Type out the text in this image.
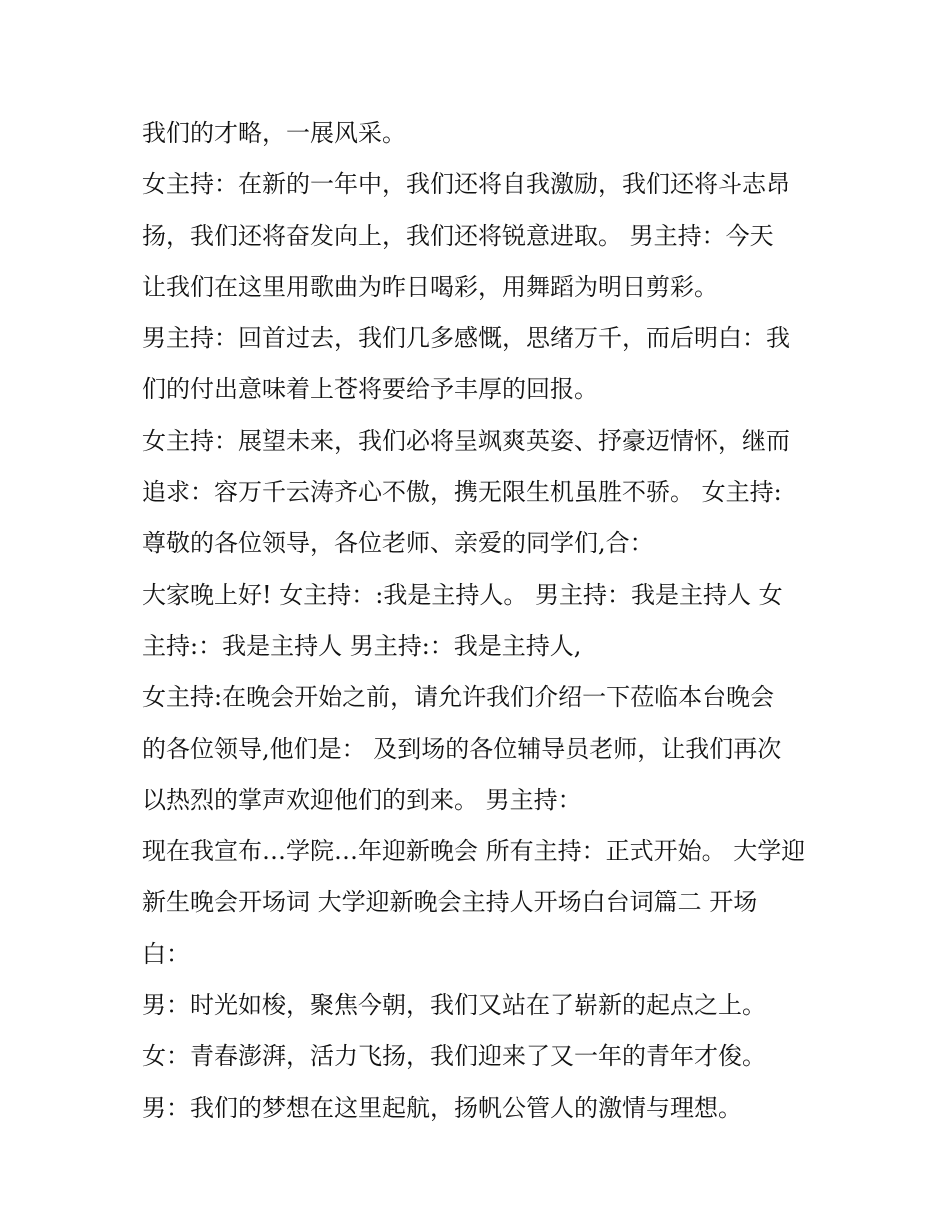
我们的才略，一展风采。
女主持：在新的一年中，我们还将自我激励，我们还将斗志昂
扬，我们还将奋发向上，我们还将锐意进取。 男主持：今天
让我们在这里用歌曲为昨日喝彩，用舞蹈为明日剪彩。
男主持：回首过去，我们几多感慨，思绪万千，而后明白：我
们的付出意味着上苍将要给予丰厚的回报。
女主持：展望未来，我们必将呈飒爽英姿、抒豪迈情怀，继而
追求：容万千云涛齐心不傲，携无限生机虽胜不骄。 女主持:
尊敬的各位领导，各位老师、亲爱的同学们,合：
大家晚上好! 女主持：:我是主持人。 男主持：我是主持人 女
主持:：我是主持人 男主持:：我是主持人,
女主持:在晚会开始之前，请允许我们介绍一下莅临本台晚会
的各位领导,他们是： 及到场的各位辅导员老师，让我们再次
以热烈的掌声欢迎他们的到来。 男主持：
现在我宣布…学院…年迎新晚会 所有主持：正式开始。 大学迎
新生晚会开场词 大学迎新晚会主持人开场白台词篇二 开场
白：
男：时光如梭，聚焦今朝，我们又站在了崭新的起点之上。
女：青春澎湃，活力飞扬，我们迎来了又一年的青年才俊。
男：我们的梦想在这里起航，扬帆公管人的激情与理想。
